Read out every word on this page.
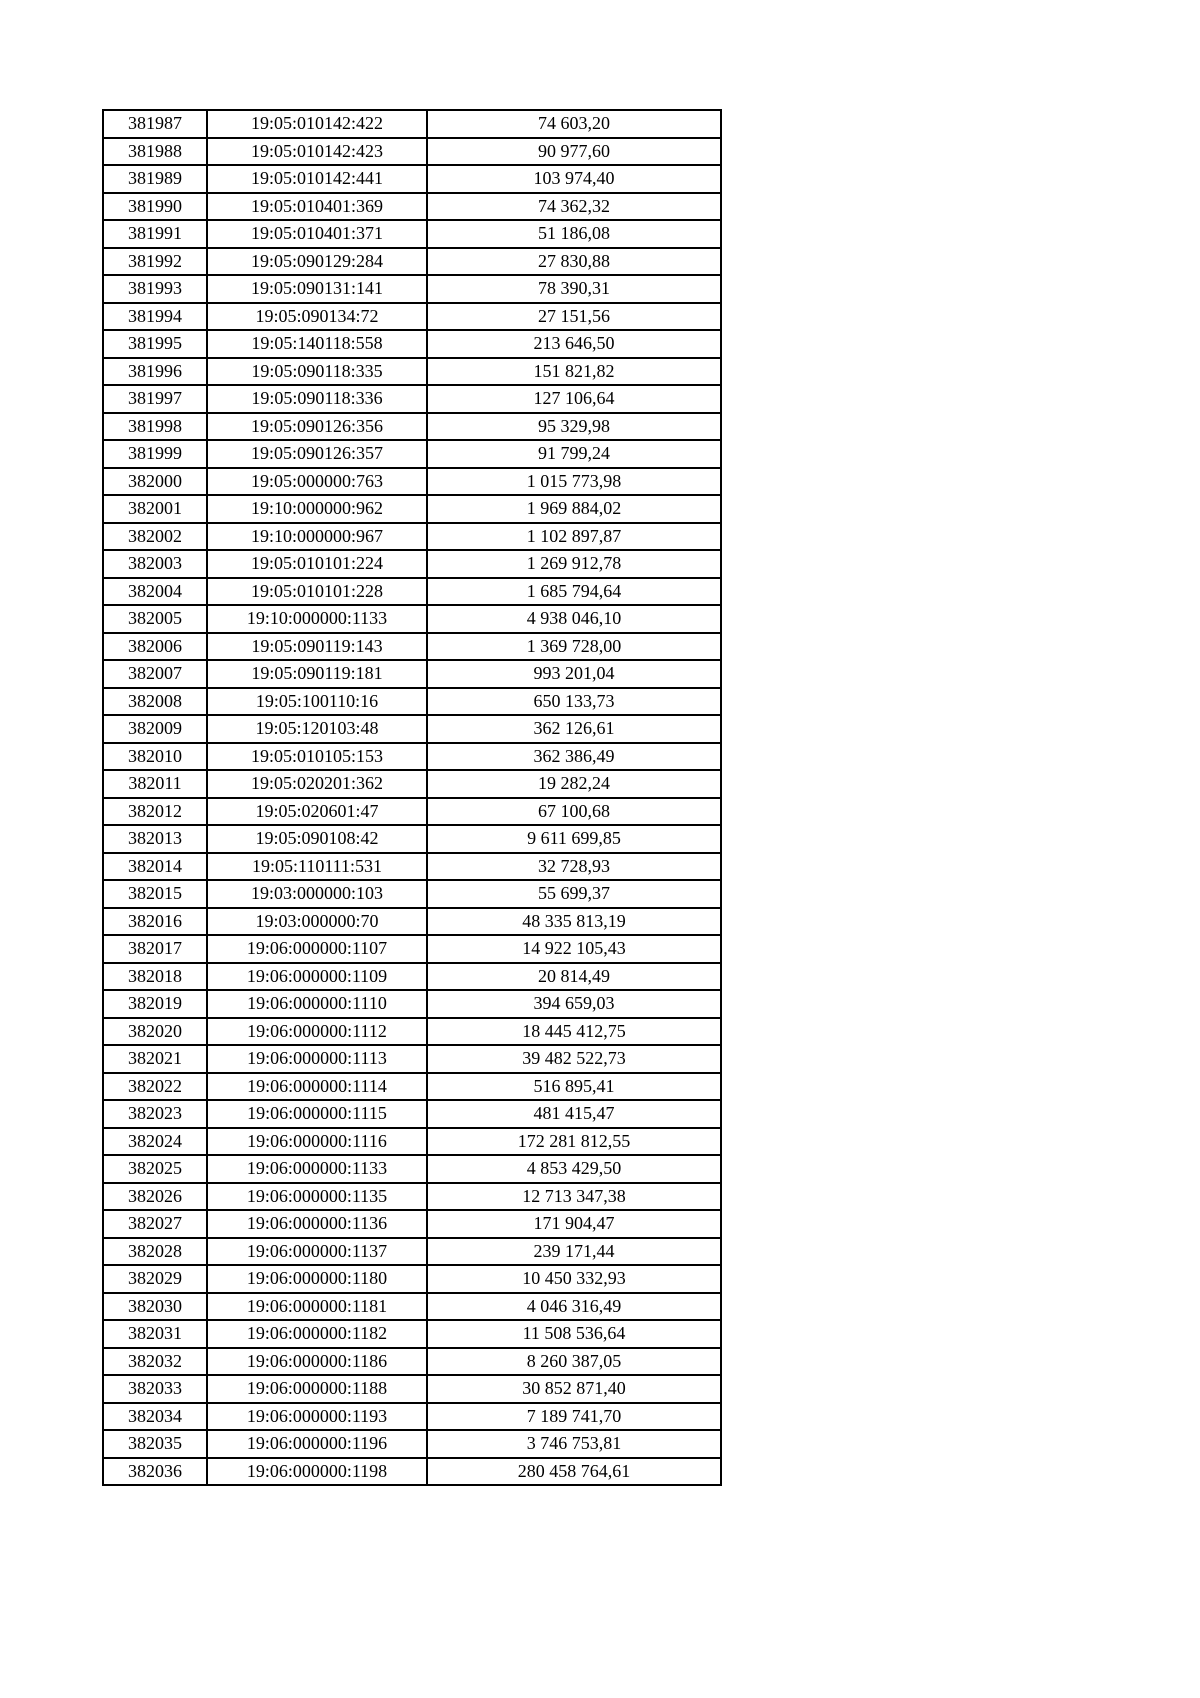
381987	19:05:010142:422	74 603,20
381988	19:05:010142:423	90 977,60
381989	19:05:010142:441	103 974,40
381990	19:05:010401:369	74 362,32
381991	19:05:010401:371	51 186,08
381992	19:05:090129:284	27 830,88
381993	19:05:090131:141	78 390,31
381994	19:05:090134:72	27 151,56
381995	19:05:140118:558	213 646,50
381996	19:05:090118:335	151 821,82
381997	19:05:090118:336	127 106,64
381998	19:05:090126:356	95 329,98
381999	19:05:090126:357	91 799,24
382000	19:05:000000:763	1 015 773,98
382001	19:10:000000:962	1 969 884,02
382002	19:10:000000:967	1 102 897,87
382003	19:05:010101:224	1 269 912,78
382004	19:05:010101:228	1 685 794,64
382005	19:10:000000:1133	4 938 046,10
382006	19:05:090119:143	1 369 728,00
382007	19:05:090119:181	993 201,04
382008	19:05:100110:16	650 133,73
382009	19:05:120103:48	362 126,61
382010	19:05:010105:153	362 386,49
382011	19:05:020201:362	19 282,24
382012	19:05:020601:47	67 100,68
382013	19:05:090108:42	9 611 699,85
382014	19:05:110111:531	32 728,93
382015	19:03:000000:103	55 699,37
382016	19:03:000000:70	48 335 813,19
382017	19:06:000000:1107	14 922 105,43
382018	19:06:000000:1109	20 814,49
382019	19:06:000000:1110	394 659,03
382020	19:06:000000:1112	18 445 412,75
382021	19:06:000000:1113	39 482 522,73
382022	19:06:000000:1114	516 895,41
382023	19:06:000000:1115	481 415,47
382024	19:06:000000:1116	172 281 812,55
382025	19:06:000000:1133	4 853 429,50
382026	19:06:000000:1135	12 713 347,38
382027	19:06:000000:1136	171 904,47
382028	19:06:000000:1137	239 171,44
382029	19:06:000000:1180	10 450 332,93
382030	19:06:000000:1181	4 046 316,49
382031	19:06:000000:1182	11 508 536,64
382032	19:06:000000:1186	8 260 387,05
382033	19:06:000000:1188	30 852 871,40
382034	19:06:000000:1193	7 189 741,70
382035	19:06:000000:1196	3 746 753,81
382036	19:06:000000:1198	280 458 764,61
